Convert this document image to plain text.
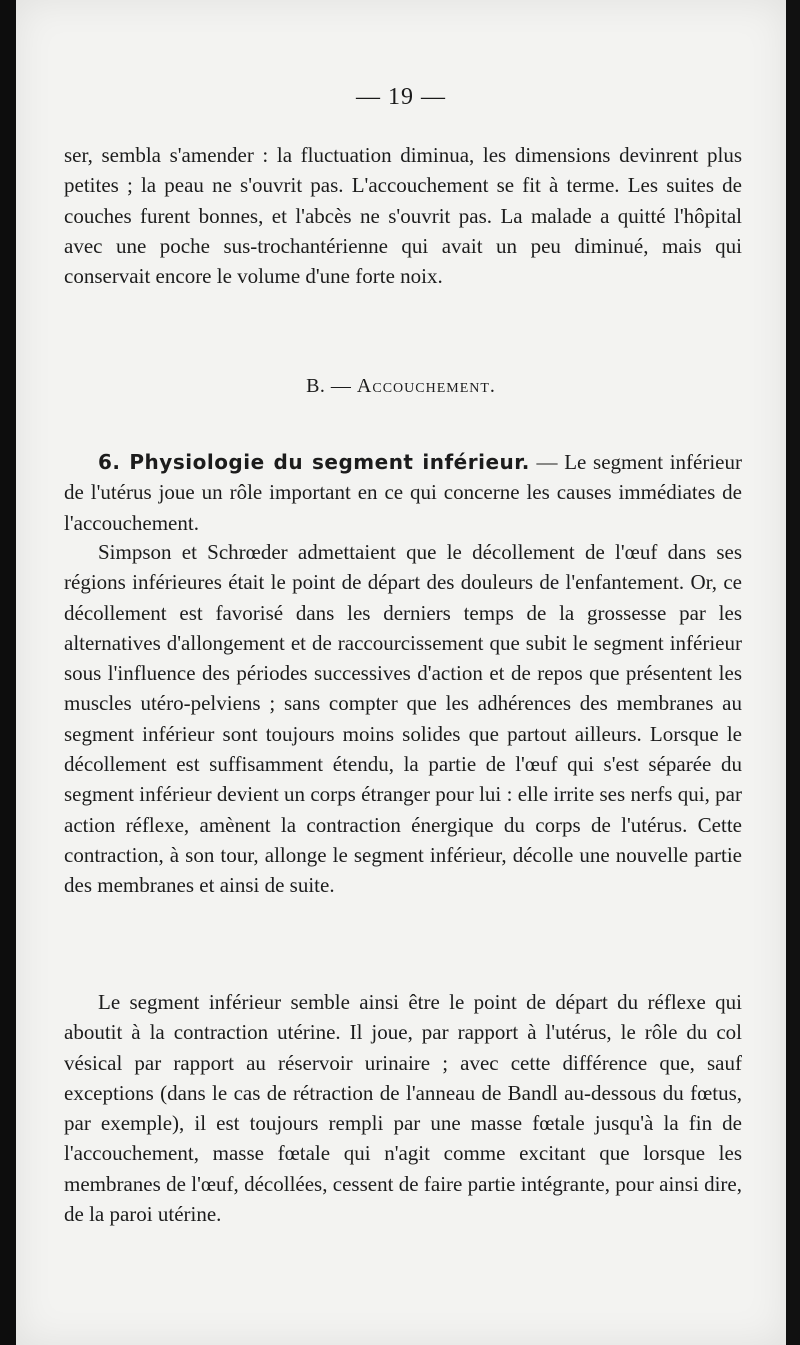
— 19 —

ser, sembla s'amender : la fluctuation diminua, les dimensions devinrent plus petites ; la peau ne s'ouvrit pas. L'accouchement se fit à terme. Les suites de couches furent bonnes, et l'abcès ne s'ouvrit pas. La malade a quitté l'hôpital avec une poche sus-trochantérienne qui avait un peu diminué, mais qui conservait encore le volume d'une forte noix.

B. — Accouchement.

6. Physiologie du segment inférieur. — Le segment inférieur de l'utérus joue un rôle important en ce qui concerne les causes immédiates de l'accouchement.

Simpson et Schrœder admettaient que le décollement de l'œuf dans ses régions inférieures était le point de départ des douleurs de l'enfantement. Or, ce décollement est favorisé dans les derniers temps de la grossesse par les alternatives d'allongement et de raccourcissement que subit le segment inférieur sous l'influence des périodes successives d'action et de repos que présentent les muscles utéro-pelviens ; sans compter que les adhérences des membranes au segment inférieur sont toujours moins solides que partout ailleurs. Lorsque le décollement est suffisamment étendu, la partie de l'œuf qui s'est séparée du segment inférieur devient un corps étranger pour lui : elle irrite ses nerfs qui, par action réflexe, amènent la contraction énergique du corps de l'utérus. Cette contraction, à son tour, allonge le segment inférieur, décolle une nouvelle partie des membranes et ainsi de suite.

Le segment inférieur semble ainsi être le point de départ du réflexe qui aboutit à la contraction utérine. Il joue, par rapport à l'utérus, le rôle du col vésical par rapport au réservoir urinaire ; avec cette différence que, sauf exceptions (dans le cas de rétraction de l'anneau de Bandl au-dessous du fœtus, par exemple), il est toujours rempli par une masse fœtale jusqu'à la fin de l'accouchement, masse fœtale qui n'agit comme excitant que lorsque les membranes de l'œuf, décollées, cessent de faire partie intégrante, pour ainsi dire, de la paroi utérine.
